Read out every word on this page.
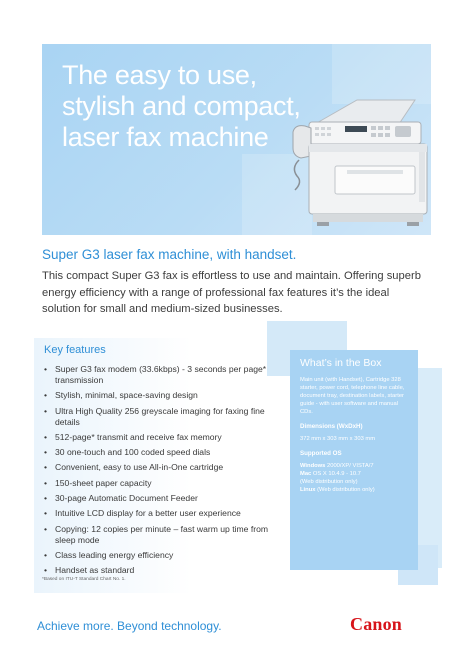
The easy to use,
stylish and compact,
laser fax machine
Super G3 laser fax machine, with handset.
This compact Super G3 fax is effortless to use and maintain. Offering superb energy efficiency with a range of professional fax features it’s the ideal solution for small and medium-sized businesses.
Key features
• Super G3 fax modem (33.6kbps) - 3 seconds per page* transmission
• Stylish, minimal, space-saving design
• Ultra High Quality 256 greyscale imaging for faxing fine details
• 512-page* transmit and receive fax memory
• 30 one-touch and 100 coded speed dials
• Convenient, easy to use All-in-One cartridge
• 150-sheet paper capacity
• 30-page Automatic Document Feeder
• Intuitive LCD display for a better user experience
• Copying: 12 copies per minute – fast warm up time from sleep mode
• Class leading energy efficiency
• Handset as standard
*Based on ITU-T Standard Chart No. 1.
What’s in the Box
Main unit (with Handset), Cartridge 328 starter, power cord, telephone line cable, document tray, destination labels, starter guide - with user software and manual CDs.
Dimensions (WxDxH)
372 mm x 303 mm x 303 mm
Supported OS
Windows 2000/XP/ VISTA/7
Mac OS X 10.4.9 - 10.7
(Web distribution only)
Linux (Web distribution only)
Achieve more. Beyond technology.	Canon
